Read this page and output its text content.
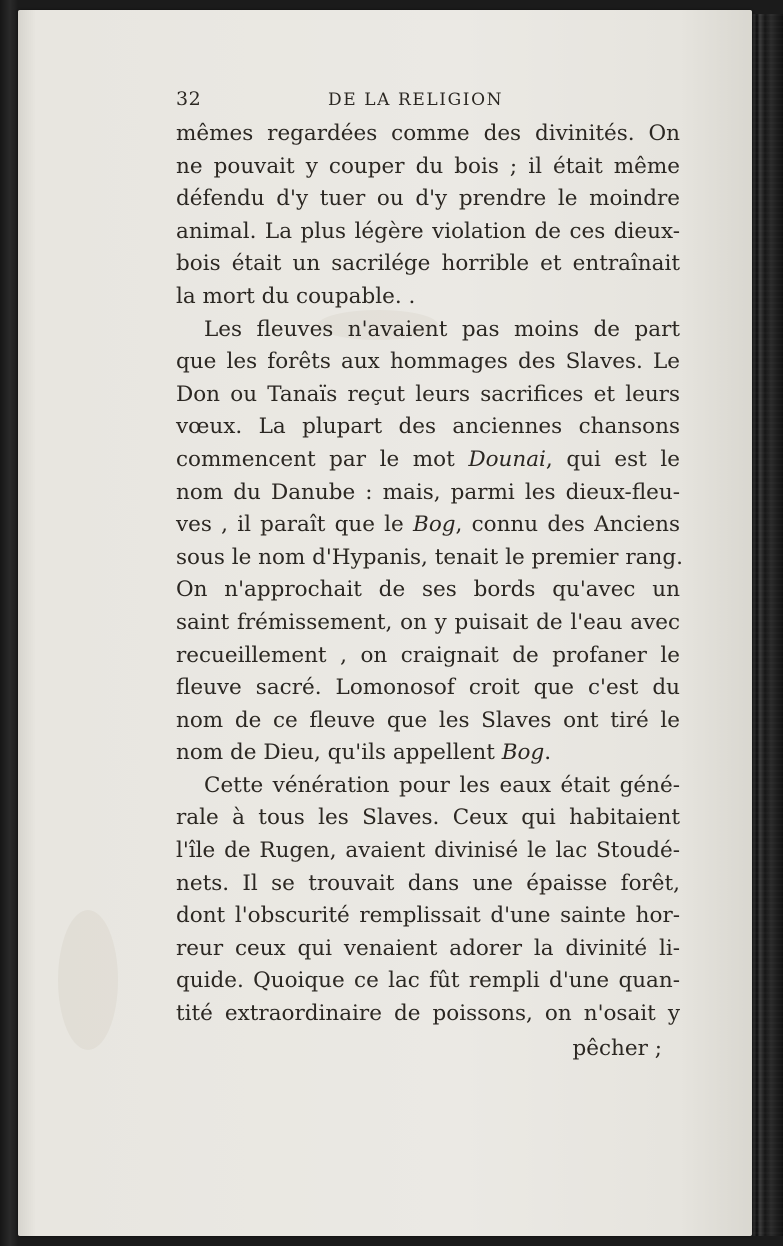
32	DE LA RELIGION
mêmes regardées comme des divinités. On
ne pouvait y couper du bois ; il était même
défendu d'y tuer ou d'y prendre le moindre
animal. La plus légère violation de ces dieux-
bois était un sacrilége horrible et entraînait
la mort du coupable. .
Les fleuves n'avaient pas moins de part
que les forêts aux hommages des Slaves. Le
Don ou Tanaïs reçut leurs sacrifices et leurs
vœux. La plupart des anciennes chansons
commencent par le mot Dounai, qui est le
nom du Danube : mais, parmi les dieux-fleu-
ves , il paraît que le Bog, connu des Anciens
sous le nom d'Hypanis, tenait le premier rang.
On n'approchait de ses bords qu'avec un
saint frémissement, on y puisait de l'eau avec
recueillement , on craignait de profaner le
fleuve sacré. Lomonosof croit que c'est du
nom de ce fleuve que les Slaves ont tiré le
nom de Dieu, qu'ils appellent Bog.
Cette vénération pour les eaux était géné-
rale à tous les Slaves. Ceux qui habitaient
l'île de Rugen, avaient divinisé le lac Stoudé-
nets. Il se trouvait dans une épaisse forêt,
dont l'obscurité remplissait d'une sainte hor-
reur ceux qui venaient adorer la divinité li-
quide. Quoique ce lac fût rempli d'une quan-
tité extraordinaire de poissons, on n'osait y
pêcher ;
